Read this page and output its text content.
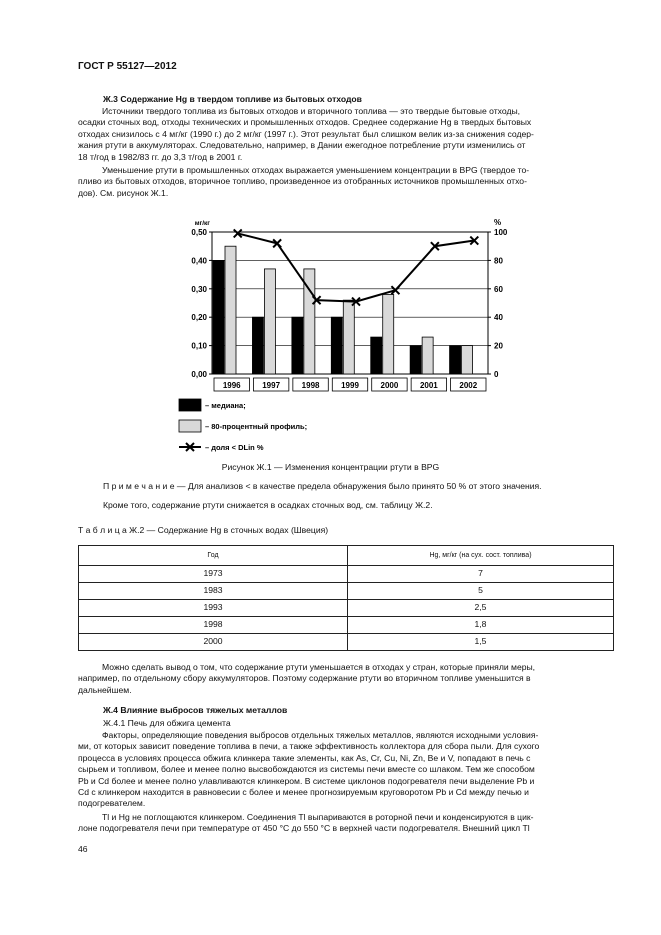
ГОСТ Р 55127—2012
Ж.3 Содержание Hg в твердом топливе из бытовых отходов
Источники твердого топлива из бытовых отходов и вторичного топлива — это твердые бытовые отходы,
осадки сточных вод, отходы технических и промышленных отходов. Среднее содержание Hg в твердых бытовых
отходах снизилось с 4 мг/кг (1990 г.) до 2 мг/кг (1997 г.). Этот результат был слишком велик из-за снижения содер-
жания ртути в аккумуляторах. Следовательно, например, в Дании ежегодное потребление ртути изменились от
18 т/год в 1982/83 гг. до 3,3 т/год в 2001 г.
Уменьшение ртути в промышленных отходах выражается уменьшением концентрации в BPG (твердое то-
пливо из бытовых отходов, вторичное топливо, произведенное из отобранных источников промышленных отхо-
дов). См. рисунок Ж.1.
0,00
0,10
0,20
0,30
0,40
0,50
0
20
40
60
80
100
мг/кг	%
1996	1997	1998	1999	2000	2001	2002
– медиана;
– 80-процентный профиль;
– доля < DLin %
Рисунок Ж.1 — Изменения концентрации ртути в BPG
П р и м е ч а н и е — Для анализов < в качестве предела обнаружения было принято 50 % от этого значения.
Кроме того, содержание ртути снижается в осадках сточных вод, см. таблицу Ж.2.
Т а б л и ц а Ж.2 — Содержание Hg в сточных водах (Швеция)
Год	Hg, мг/кг (на сух. сост. топлива)
1973	7
1983	5
1993	2,5
1998	1,8
2000	1,5
Можно сделать вывод о том, что содержание ртути уменьшается в отходах у стран, которые приняли меры,
например, по отдельному сбору аккумуляторов. Поэтому содержание ртути во вторичном топливе уменьшится в
дальнейшем.
Ж.4 Влияние выбросов тяжелых металлов
Ж.4.1 Печь для обжига цемента
Факторы, определяющие поведения выбросов отдельных тяжелых металлов, являются исходными условия-
ми, от которых зависит поведение топлива в печи, а также эффективность коллектора для сбора пыли. Для сухого
процесса в условиях процесса обжига клинкера такие элементы, как As, Cr, Cu, Ni, Zn, Be и V, попадают в печь с
сырьем и топливом, более и менее полно высвобождаются из системы печи вместе со шлаком. Тем же способом
Pb и Cd более и менее полно улавливаются клинкером. В системе циклонов подогревателя печи выделение Pb и
Cd с клинкером находится в равновесии с более и менее прогнозируемым круговоротом Pb и Cd между печью и
подогревателем.
Tl и Hg не поглощаются клинкером. Соединения Tl выпариваются в роторной печи и конденсируются в цик-
лоне подогревателя печи при температуре от 450 °C до 550 °C в верхней части подогревателя. Внешний цикл Tl
46
